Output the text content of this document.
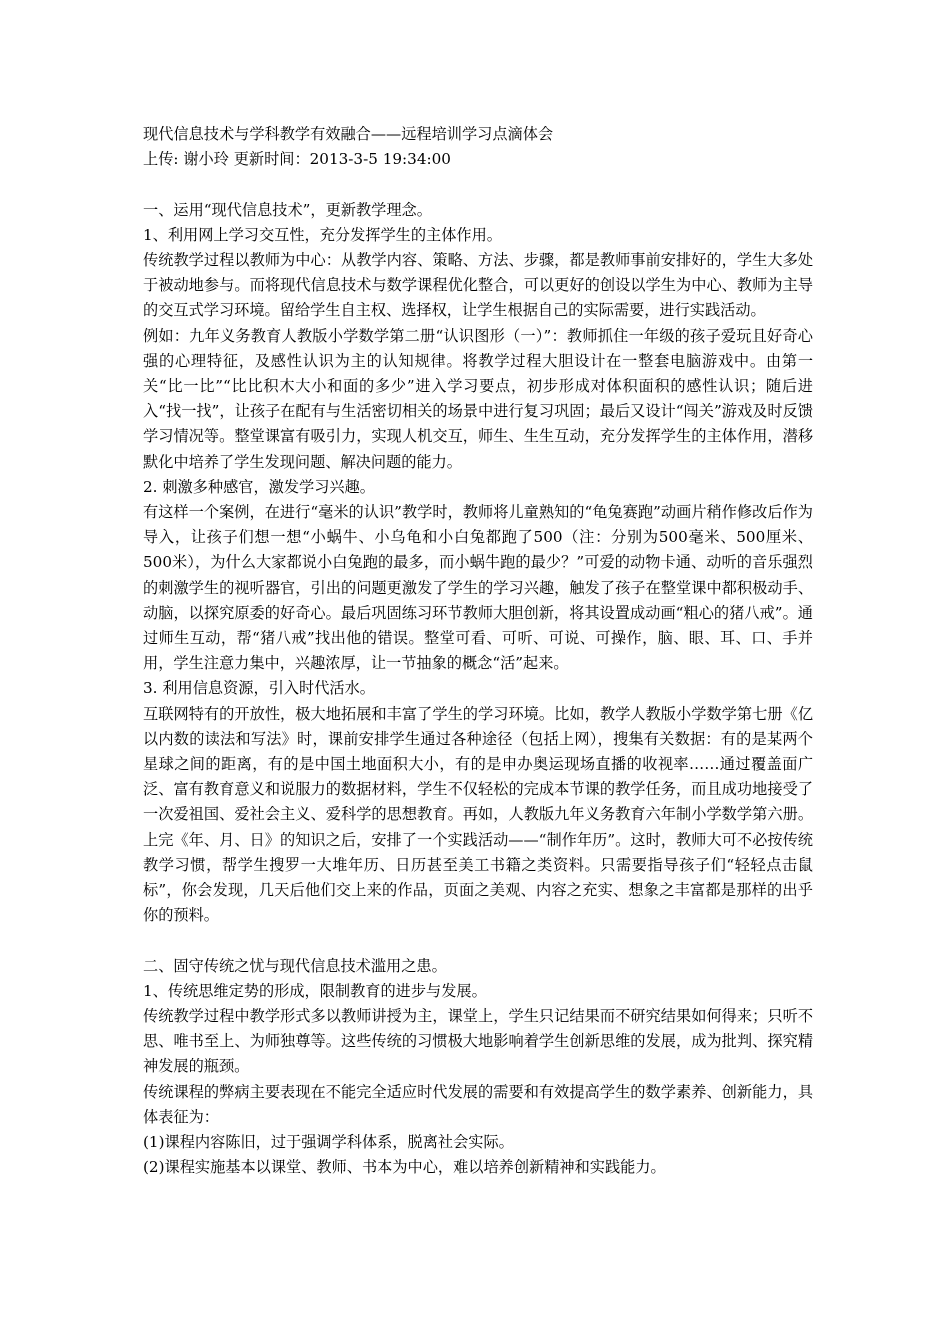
现代信息技术与学科教学有效融合——远程培训学习点滴体会

上传: 谢小玲 更新时间：2013-3-5 19:34:00

一、运用“现代信息技术”，更新教学理念。

1、利用网上学习交互性，充分发挥学生的主体作用。

传统教学过程以教师为中心：从教学内容、策略、方法、步骤，都是教师事前安排好的，学生大多处于被动地参与。而将现代信息技术与数学课程优化整合，可以更好的创设以学生为中心、教师为主导的交互式学习环境。留给学生自主权、选择权，让学生根据自己的实际需要，进行实践活动。

例如：九年义务教育人教版小学数学第二册“认识图形（一）”：教师抓住一年级的孩子爱玩且好奇心强的心理特征，及感性认识为主的认知规律。将教学过程大胆设计在一整套电脑游戏中。由第一关“比一比”“比比积木大小和面的多少”进入学习要点，初步形成对体积面积的感性认识；随后进入“找一找”，让孩子在配有与生活密切相关的场景中进行复习巩固；最后又设计“闯关”游戏及时反馈学习情况等。整堂课富有吸引力，实现人机交互，师生、生生互动，充分发挥学生的主体作用，潜移默化中培养了学生发现问题、解决问题的能力。

2. 刺激多种感官，激发学习兴趣。

有这样一个案例，在进行“毫米的认识”教学时，教师将儿童熟知的“龟兔赛跑”动画片稍作修改后作为导入，让孩子们想一想“小蜗牛、小乌龟和小白兔都跑了500（注：分别为500毫米、500厘米、500米），为什么大家都说小白兔跑的最多，而小蜗牛跑的最少？”可爱的动物卡通、动听的音乐强烈的刺激学生的视听器官，引出的问题更激发了学生的学习兴趣，触发了孩子在整堂课中都积极动手、动脑，以探究原委的好奇心。最后巩固练习环节教师大胆创新，将其设置成动画“粗心的猪八戒”。通过师生互动，帮“猪八戒”找出他的错误。整堂可看、可听、可说、可操作，脑、眼、耳、口、手并用，学生注意力集中，兴趣浓厚，让一节抽象的概念“活”起来。

3. 利用信息资源，引入时代活水。

互联网特有的开放性，极大地拓展和丰富了学生的学习环境。比如，教学人教版小学数学第七册《亿以内数的读法和写法》时，课前安排学生通过各种途径（包括上网），搜集有关数据：有的是某两个星球之间的距离，有的是中国土地面积大小，有的是申办奥运现场直播的收视率……通过覆盖面广泛、富有教育意义和说服力的数据材料，学生不仅轻松的完成本节课的教学任务，而且成功地接受了一次爱祖国、爱社会主义、爱科学的思想教育。再如，人教版九年义务教育六年制小学数学第六册。上完《年、月、日》的知识之后，安排了一个实践活动——“制作年历”。这时，教师大可不必按传统教学习惯，帮学生搜罗一大堆年历、日历甚至美工书籍之类资料。只需要指导孩子们“轻轻点击鼠标”，你会发现，几天后他们交上来的作品，页面之美观、内容之充实、想象之丰富都是那样的出乎你的预料。

二、固守传统之忧与现代信息技术滥用之患。

1、传统思维定势的形成，限制教育的进步与发展。

传统教学过程中教学形式多以教师讲授为主，课堂上，学生只记结果而不研究结果如何得来；只听不思、唯书至上、为师独尊等。这些传统的习惯极大地影响着学生创新思维的发展，成为批判、探究精神发展的瓶颈。

传统课程的弊病主要表现在不能完全适应时代发展的需要和有效提高学生的数学素养、创新能力，具体表征为：

(1)课程内容陈旧，过于强调学科体系，脱离社会实际。

(2)课程实施基本以课堂、教师、书本为中心，难以培养创新精神和实践能力。
